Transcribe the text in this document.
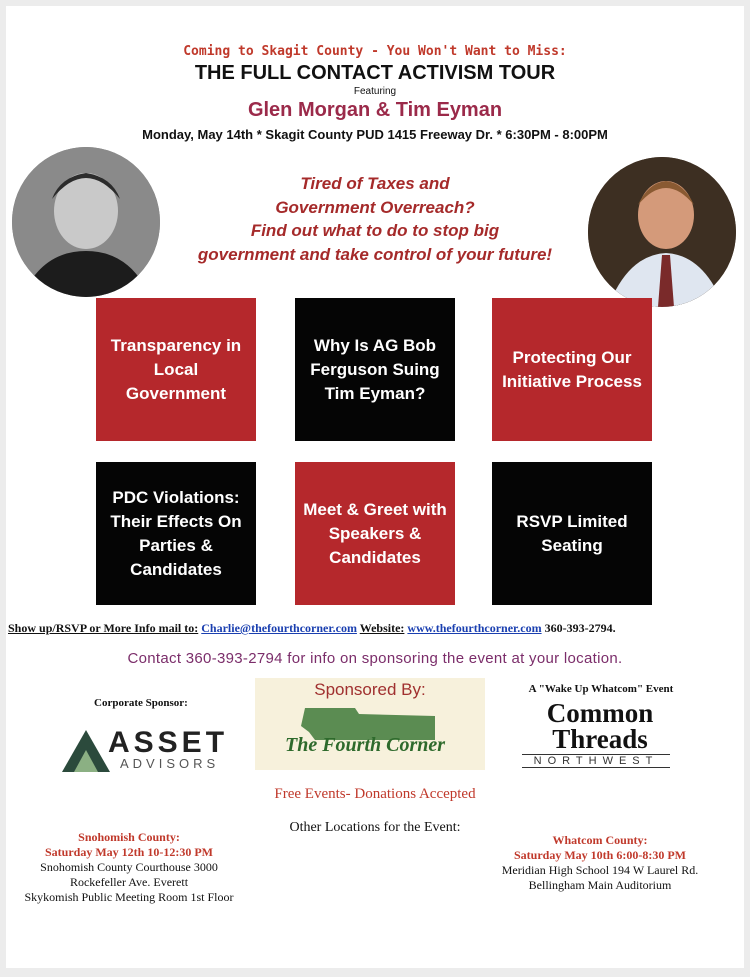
Coming to Skagit County - You Won't Want to Miss:
THE FULL CONTACT ACTIVISM TOUR
Featuring
Glen Morgan & Tim Eyman
Monday, May 14th * Skagit County PUD 1415 Freeway Dr. * 6:30PM - 8:00PM
Tired of Taxes and
Government Overreach?
Find out what to do to stop big
government and take control of your future!
Transparency in Local Government
Why Is AG Bob Ferguson Suing Tim Eyman?
Protecting Our Initiative Process
PDC Violations: Their Effects On Parties & Candidates
Meet & Greet with Speakers & Candidates
RSVP Limited Seating
Show up/RSVP or More Info mail to: Charlie@thefourthcorner.com Website: www.thefourthcorner.com 360-393-2794.
Contact 360-393-2794 for info on sponsoring the event at your location.
Corporate Sponsor:
ASSET
ADVISORS
Sponsored By:
The Fourth Corner
A "Wake Up Whatcom" Event
Common Threads
NORTHWEST
Free Events- Donations Accepted
Other Locations for the Event:
Snohomish County:
Saturday May 12th 10-12:30 PM
Snohomish County Courthouse 3000
Rockefeller Ave. Everett
Skykomish Public Meeting Room 1st Floor
Whatcom County:
Saturday May 10th 6:00-8:30 PM
Meridian High School 194 W Laurel Rd.
Bellingham Main Auditorium
